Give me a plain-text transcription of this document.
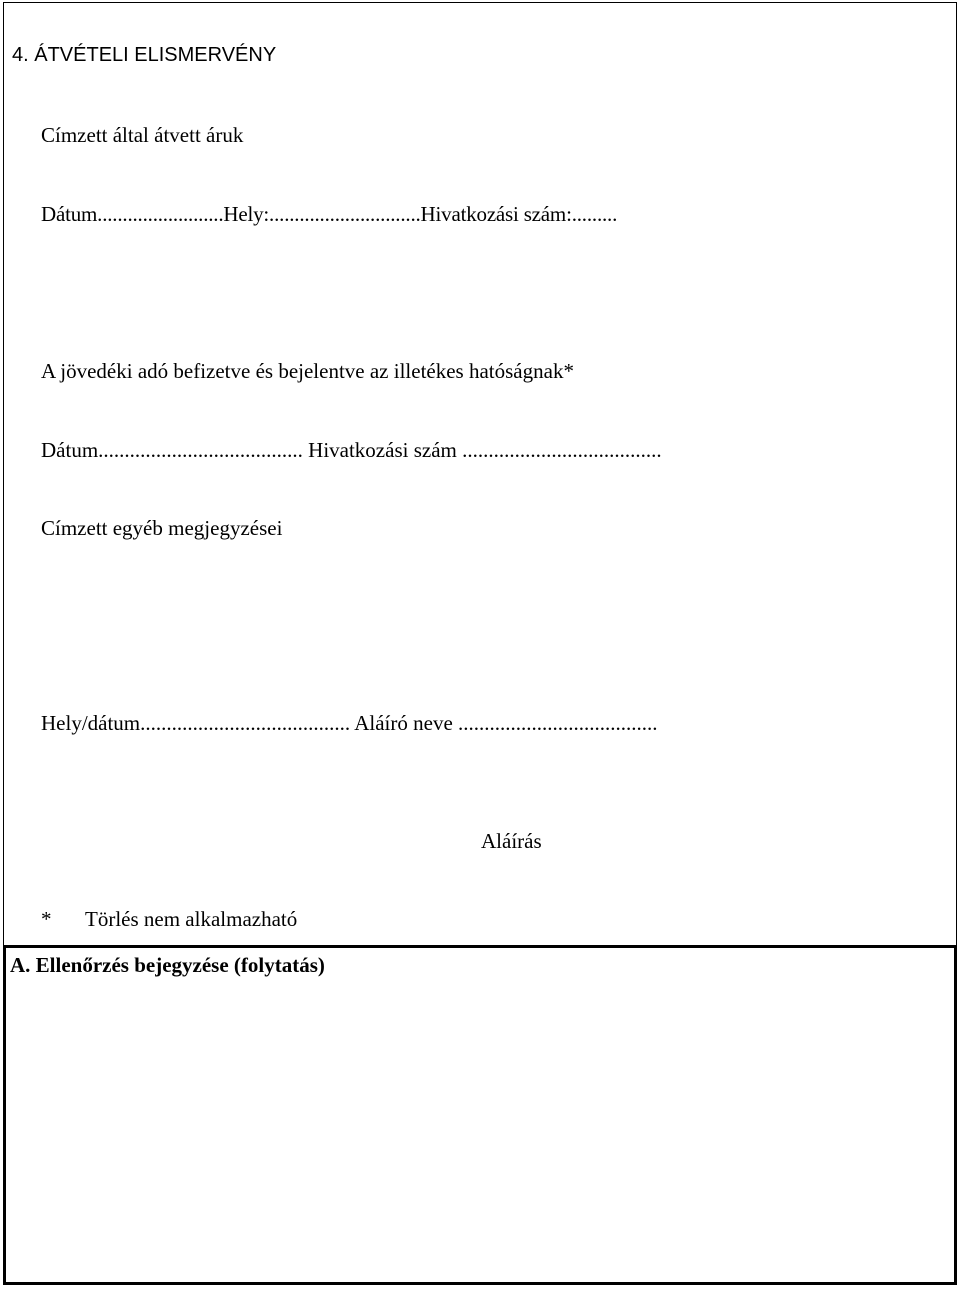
4. ÁTVÉTELI ELISMERVÉNY
Címzett által átvett áruk
Dátum.........................Hely:..............................Hivatkozási szám:.........
A jövedéki adó befizetve és bejelentve az illetékes hatóságnak*
Dátum....................................... Hivatkozási szám ......................................
Címzett egyéb megjegyzései
Hely/dátum........................................ Aláíró neve ......................................
Aláírás
* Törlés nem alkalmazható
A. Ellenőrzés bejegyzése (folytatás)
